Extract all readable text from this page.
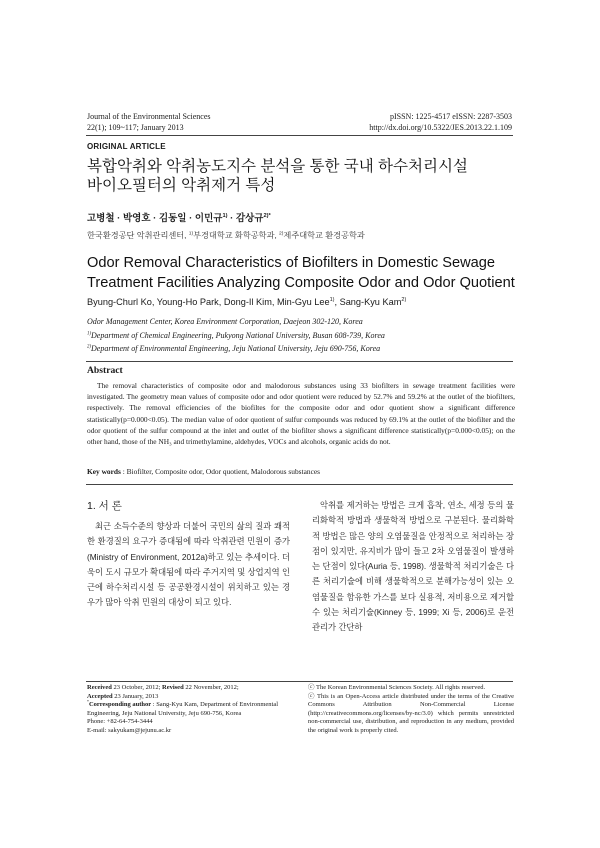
Journal of the Environmental Sciences
22(1); 109~117; January 2013
pISSN: 1225-4517 eISSN: 2287-3503
http://dx.doi.org/10.5322/JES.2013.22.1.109
ORIGINAL ARTICLE
복합악취와 악취농도지수 분석을 통한 국내 하수처리시설
바이오필터의 악취제거 특성
고병철 · 박영호 · 김동일 · 이민규$^{1)}$ · 감상규$^{2)*}$
한국환경공단 악취관리센터, $^{1)}$부경대학교 화학공학과, $^{2)}$제주대학교 환경공학과
Odor Removal Characteristics of Biofilters in Domestic Sewage
Treatment Facilities Analyzing Composite Odor and Odor Quotient
Byung-Churl Ko, Young-Ho Park, Dong-Il Kim, Min-Gyu Lee$^{1)}$, Sang-Kyu Kam$^{2)}$
Odor Management Center, Korea Environment Corporation, Daejeon 302-120, Korea
$^{1)}$Department of Chemical Engineering, Pukyong National University, Busan 608-739, Korea
$^{2)}$Department of Environmental Engineering, Jeju National University, Jeju 690-756, Korea
Abstract
The removal characteristics of composite odor and malodorous substances using 33 biofilters in sewage treatment facilities were investigated. The geometry mean values of composite odor and odor quotient were reduced by 52.7% and 59.2% at the outlet of the biofilters, respectively. The removal efficiencies of the biofiltes for the composite odor and odor quotient show a significant difference statistically(p=0.000<0.05). The median value of odor quotient of sulfur compounds was reduced by 69.1% at the outlet of the biofilter and the odor quotient of the sulfur compound at the inlet and outlet of the biofilter shows a significant difference statistically(p=0.000<0.05); on the other hand, those of the NH₃ and trimethylamine, aldehydes, VOCs and alcohols, organic acids do not.
Key words : Biofilter, Composite odor, Odor quotient, Malodorous substances
1. 서 론
최근 소득수준의 향상과 더불어 국민의 삶의 질과 쾌적한 환경질의 요구가 증대됨에 따라 악취관련 민원이 증가(Ministry of Environment, 2012a)하고 있는 추세이다. 더욱이 도시 규모가 확대됨에 따라 주거지역 및 상업지역 인근에 하수처리시설 등 공공환경시설이 위치하고 있는 경우가 많아 악취 민원의 대상이 되고 있다.

악취를 제거하는 방법은 크게 흡착, 연소, 세정 등의 물리화학적 방법과 생물학적 방법으로 구분된다. 물리화학적 방법은 많은 양의 오염물질을 안정적으로 처리하는 장점이 있지만, 유지비가 많이 들고 2차 오염물질이 발생하는 단점이 있다(Auria 등, 1998). 생물학적 처리기술은 다른 처리기술에 비해 생물학적으로 분해가능성이 있는 오염물질을 함유한 가스를 보다 실용적, 저비용으로 제거할 수 있는 처리기술(Kinney 등, 1999; Xi 등, 2006)로 운전관리가 간단하

Received 23 October, 2012; Revised 22 November, 2012;
Accepted 23 January, 2013
*Corresponding author : Sang-Kyu Kam, Department of Environmental Engineering, Jeju National University, Jeju 690-756, Korea
Phone: +82-64-754-3444
E-mail: sakyukam@jejunu.ac.kr
ⓒ The Korean Environmental Sciences Society. All rights reserved.
ⓒ This is an Open-Access article distributed under the terms of the Creative Commons Attribution Non-Commercial License (http://creativecommons.org/licenses/by-nc/3.0) which permits unrestricted non-commercial use, distribution, and reproduction in any medium, provided the original work is properly cited.
